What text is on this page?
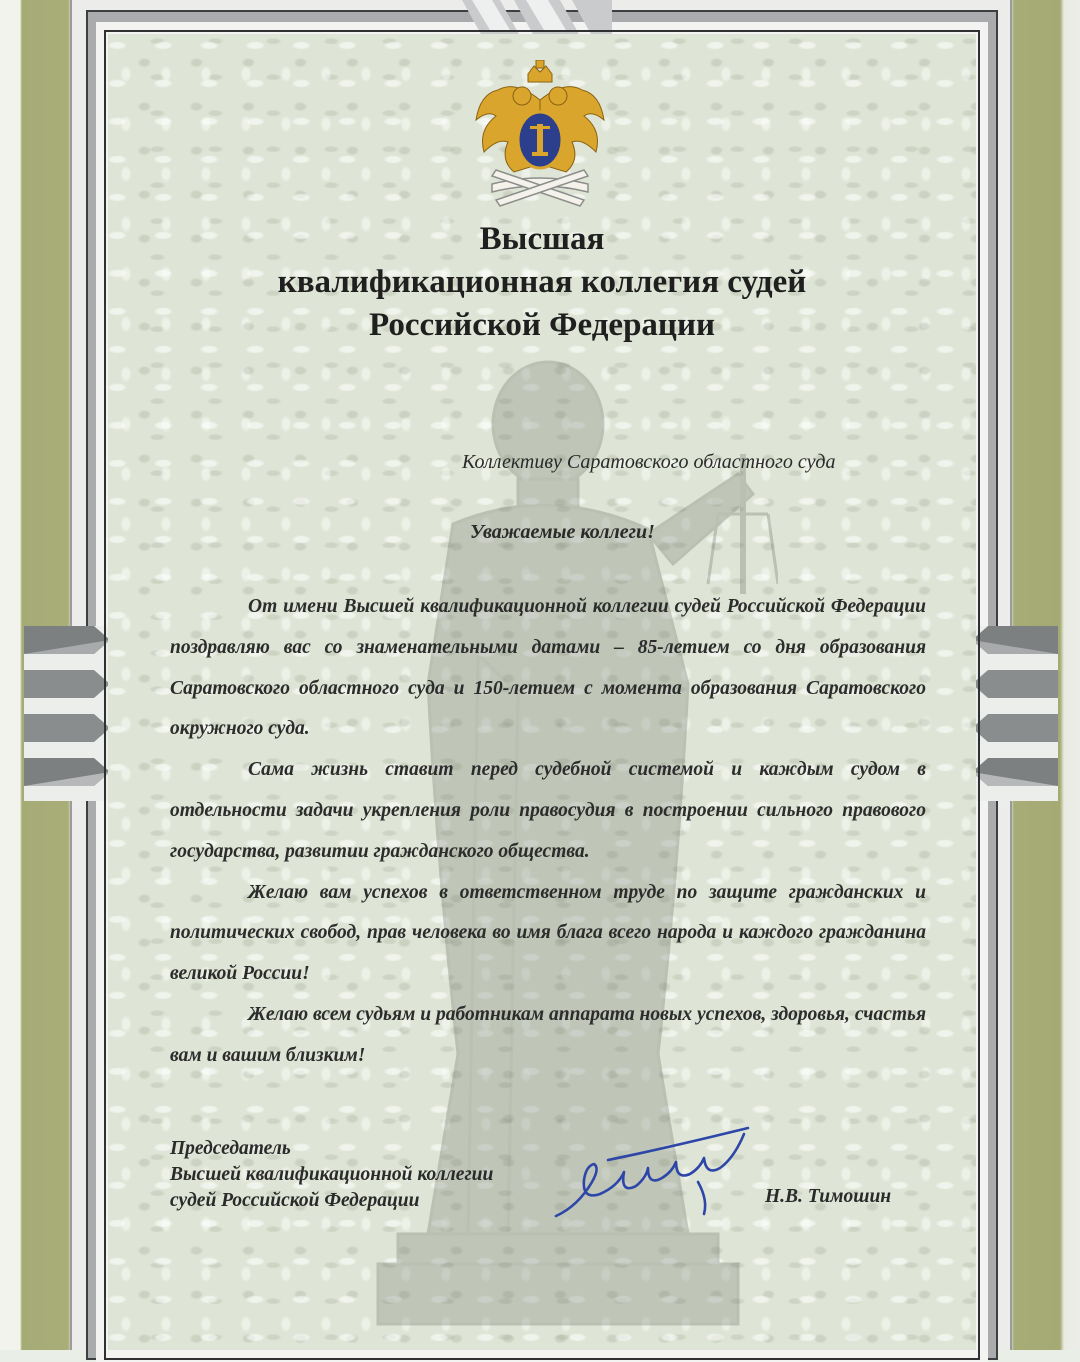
Высшая
квалификационная коллегия судей
Российской Федерации
Коллективу Саратовского областного суда
Уважаемые коллеги!

От имени Высшей квалификационной коллегии судей Российской Федерации поздравляю вас со знаменательными датами – 85-летием со дня образования Саратовского областного суда и 150-летием с момента образования Саратовского окружного суда.

Сама жизнь ставит перед судебной системой и каждым судом в отдельности задачи укрепления роли правосудия в построении сильного правового государства, развитии гражданского общества.

Желаю вам успехов в ответственном труде по защите гражданских и политических свобод, прав человека во имя блага всего народа и каждого гражданина великой России!

Желаю всем судьям и работникам аппарата новых успехов, здоровья, счастья вам и вашим близким!

Председатель
Высшей квалификационной коллегии
судей Российской Федерации	Н.В. Тимошин
